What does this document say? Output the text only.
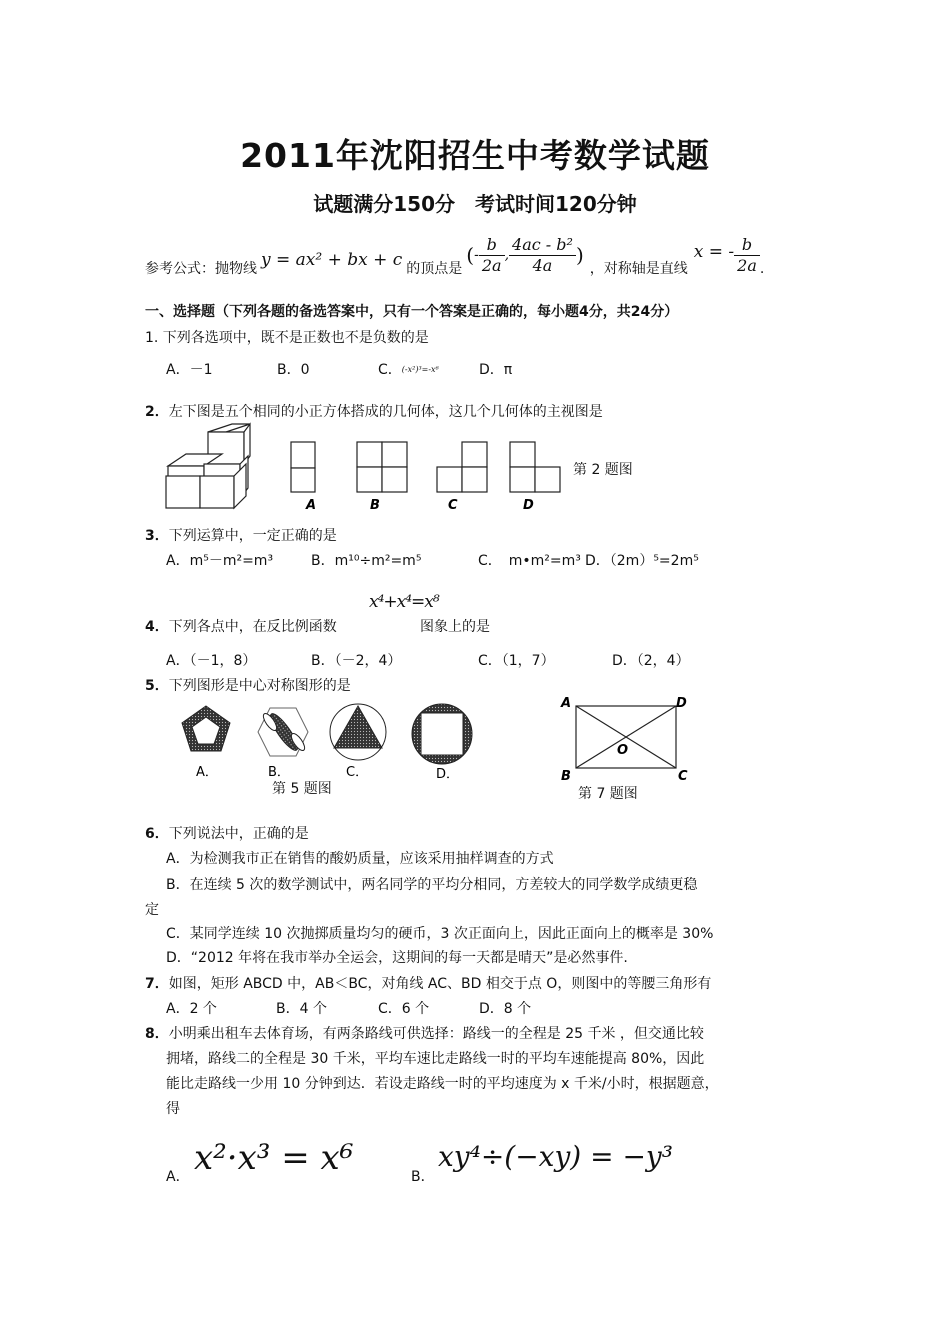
2011年沈阳招生中考数学试题
试题满分150分　考试时间120分钟
参考公式：抛物线 y = ax² + bx + c 的顶点是
( - $\frac{b}{2a}$ , $\frac{\text{4ac - b²}}{4a}$ )
，对称轴是直线
x = - $\frac{b}{2a}$ .
一、选择题（下列各题的备选答案中，只有一个答案是正确的，每小题4分，共24分）
1. 下列各选项中，既不是正数也不是负数的是
A．－1	B．0	C．$^{(-x^2)^3=-x^6}$	D．π
2．左下图是五个相同的小正方体搭成的几何体，这几个几何体的主视图是
A	B	C	D
第 2 题图
3．下列运算中，一定正确的是
A．m⁵－m²=m³	B．m¹⁰÷m²=m⁵	C．　m•m²=m³ D．（2m）⁵=2m⁵
4．下列各点中，在反比例函数
x⁴+x⁴=x⁸
图象上的是
A．（－1，8）	B．（－2，4）	C．（1，7）	D．（2，4）
5．下列图形是中心对称图形的是
A．	B．	C．	D．
第 5 题图
A	D
B	C
O
第 7 题图
6．下列说法中，正确的是
A．为检测我市正在销售的酸奶质量，应该采用抽样调查的方式
B．在连续 5 次的数学测试中，两名同学的平均分相同，方差较大的同学数学成绩更稳
定
C．某同学连续 10 次抛掷质量均匀的硬币，3 次正面向上，因此正面向上的概率是 30%
D．“2012 年将在我市举办全运会，这期间的每一天都是晴天”是必然事件.
7．如图，矩形 ABCD 中，AB＜BC，对角线 AC、BD 相交于点 O，则图中的等腰三角形有
A．2 个	B．4 个	C．6 个	D．8 个
8．小明乘出租车去体育场，有两条路线可供选择：路线一的全程是 25 千米 ，但交通比较
拥堵，路线二的全程是 30 千米，平均车速比走路线一时的平均车速能提高 80%，因此
能比走路线一少用 10 分钟到达．若设走路线一时的平均速度为 x 千米/小时，根据题意，
得
A． x²·x³ = x⁶	B．
xy⁴÷(−xy) = −y³
